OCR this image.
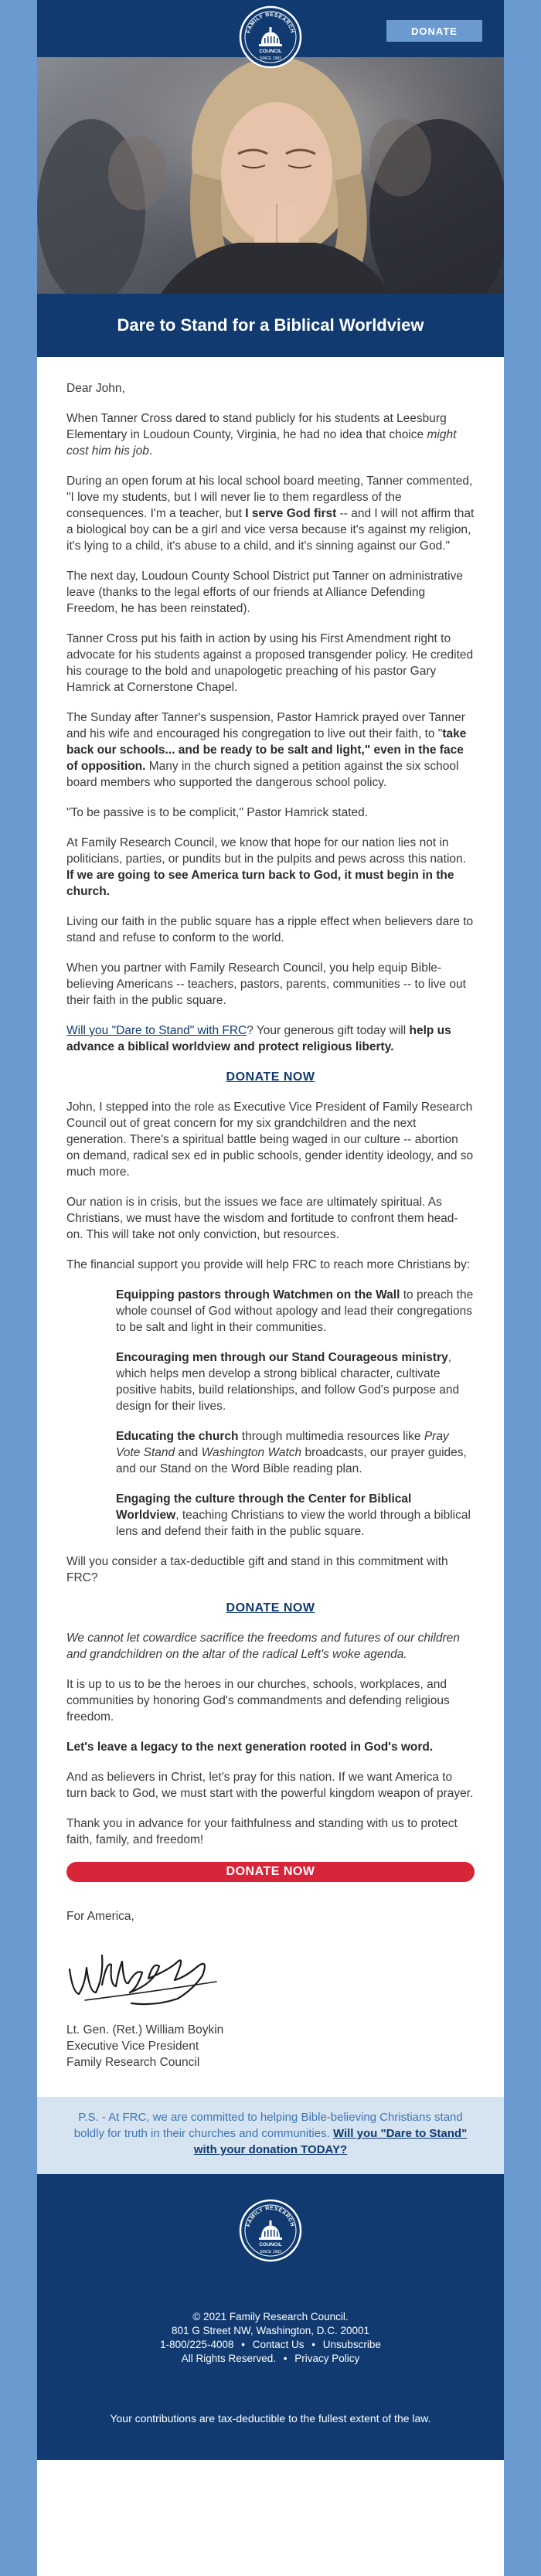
DONATE
FAMILY RESEARCH
COUNCIL
SINCE 1983
Dare to Stand for a Biblical Worldview

Dear John,

When Tanner Cross dared to stand publicly for his students at Leesburg Elementary in Loudoun County, Virginia, he had no idea that choice might cost him his job.

During an open forum at his local school board meeting, Tanner commented, "I love my students, but I will never lie to them regardless of the consequences. I'm a teacher, but I serve God first -- and I will not affirm that a biological boy can be a girl and vice versa because it's against my religion, it's lying to a child, it's abuse to a child, and it's sinning against our God."

The next day, Loudoun County School District put Tanner on administrative leave (thanks to the legal efforts of our friends at Alliance Defending Freedom, he has been reinstated).

Tanner Cross put his faith in action by using his First Amendment right to advocate for his students against a proposed transgender policy. He credited his courage to the bold and unapologetic preaching of his pastor Gary Hamrick at Cornerstone Chapel.

The Sunday after Tanner's suspension, Pastor Hamrick prayed over Tanner and his wife and encouraged his congregation to live out their faith, to "take back our schools... and be ready to be salt and light," even in the face of opposition. Many in the church signed a petition against the six school board members who supported the dangerous school policy.

"To be passive is to be complicit," Pastor Hamrick stated.

At Family Research Council, we know that hope for our nation lies not in politicians, parties, or pundits but in the pulpits and pews across this nation. If we are going to see America turn back to God, it must begin in the church.

Living our faith in the public square has a ripple effect when believers dare to stand and refuse to conform to the world.

When you partner with Family Research Council, you help equip Bible-believing Americans -- teachers, pastors, parents, communities -- to live out their faith in the public square.

Will you "Dare to Stand" with FRC? Your generous gift today will help us advance a biblical worldview and protect religious liberty.

DONATE NOW

John, I stepped into the role as Executive Vice President of Family Research Council out of great concern for my six grandchildren and the next generation. There's a spiritual battle being waged in our culture -- abortion on demand, radical sex ed in public schools, gender identity ideology, and so much more.

Our nation is in crisis, but the issues we face are ultimately spiritual. As Christians, we must have the wisdom and fortitude to confront them head-on. This will take not only conviction, but resources.

The financial support you provide will help FRC to reach more Christians by:

Equipping pastors through Watchmen on the Wall to preach the whole counsel of God without apology and lead their congregations to be salt and light in their communities.

Encouraging men through our Stand Courageous ministry, which helps men develop a strong biblical character, cultivate positive habits, build relationships, and follow God's purpose and design for their lives.

Educating the church through multimedia resources like Pray Vote Stand and Washington Watch broadcasts, our prayer guides, and our Stand on the Word Bible reading plan.

Engaging the culture through the Center for Biblical Worldview, teaching Christians to view the world through a biblical lens and defend their faith in the public square.

Will you consider a tax-deductible gift and stand in this commitment with FRC?

DONATE NOW

We cannot let cowardice sacrifice the freedoms and futures of our children and grandchildren on the altar of the radical Left's woke agenda.

It is up to us to be the heroes in our churches, schools, workplaces, and communities by honoring God's commandments and defending religious freedom.

Let's leave a legacy to the next generation rooted in God's word.

And as believers in Christ, let's pray for this nation. If we want America to turn back to God, we must start with the powerful kingdom weapon of prayer.

Thank you in advance for your faithfulness and standing with us to protect faith, family, and freedom!

DONATE NOW

For America,

Lt. Gen. (Ret.) William Boykin

Executive Vice President

Family Research Council

P.S. - At FRC, we are committed to helping Bible-believing Christians stand boldly for truth in their churches and communities. Will you "Dare to Stand" with your donation TODAY?
FAMILY RESEARCH
COUNCIL
SINCE 1983
© 2021 Family Research Council.
801 G Street NW, Washington, D.C. 20001
1-800/225-4008 • Contact Us • Unsubscribe
All Rights Reserved. • Privacy Policy
Your contributions are tax-deductible to the fullest extent of the law.
